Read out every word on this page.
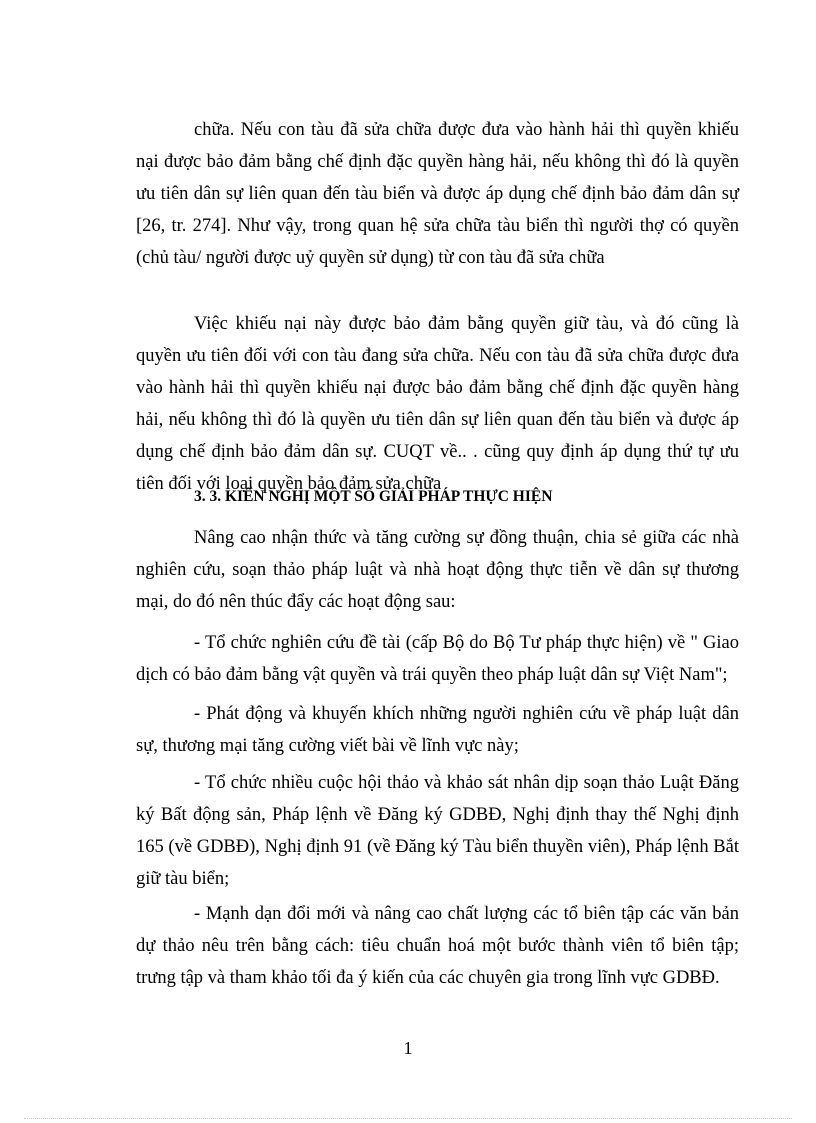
chữa. Nếu con tàu đã sửa chữa được đưa vào hành hải thì quyền khiếu nại được bảo đảm bằng chế định đặc quyền hàng hải, nếu không thì đó là quyền ưu tiên dân sự liên quan đến tàu biển và được áp dụng chế định bảo đảm dân sự [26, tr. 274]. Như vậy, trong quan hệ sửa chữa tàu biển thì người thợ có quyền (chủ tàu/ người được uỷ quyền sử dụng) từ con tàu đã sửa chữa

Việc khiếu nại này được bảo đảm bằng quyền giữ tàu, và đó cũng là quyền ưu tiên đối với con tàu đang sửa chữa. Nếu con tàu đã sửa chữa được đưa vào hành hải thì quyền khiếu nại được bảo đảm bằng chế định đặc quyền hàng hải, nếu không thì đó là quyền ưu tiên dân sự liên quan đến tàu biển và được áp dụng chế định bảo đảm dân sự. CUQT về.. . cũng quy định áp dụng thứ tự ưu tiên đối với loại quyền bảo đảm sửa chữa

3. 3. KIẾN NGHỊ MỘT SỐ GIẢI PHÁP THỰC HIỆN

Nâng cao nhận thức và tăng cường sự đồng thuận, chia sẻ giữa các nhà nghiên cứu, soạn thảo pháp luật và nhà hoạt động thực tiễn về dân sự thương mại, do đó nên thúc đẩy các hoạt động sau:

- Tổ chức nghiên cứu đề tài (cấp Bộ do Bộ Tư pháp thực hiện) về " Giao dịch có bảo đảm bằng vật quyền và trái quyền theo pháp luật dân sự Việt Nam";

- Phát động và khuyến khích những người nghiên cứu về pháp luật dân sự, thương mại tăng cường viết bài về lĩnh vực này;

- Tổ chức nhiều cuộc hội thảo và khảo sát nhân dịp soạn thảo Luật Đăng ký Bất động sản, Pháp lệnh về Đăng ký GDBĐ, Nghị định thay thế Nghị định 165 (về GDBĐ), Nghị định 91 (về Đăng ký Tàu biển thuyền viên), Pháp lệnh Bắt giữ tàu biển;

- Mạnh dạn đổi mới và nâng cao chất lượng các tổ biên tập các văn bản dự thảo nêu trên bằng cách: tiêu chuẩn hoá một bước thành viên tổ biên tập; trưng tập và tham khảo tối đa ý kiến của các chuyên gia trong lĩnh vực GDBĐ.

1
